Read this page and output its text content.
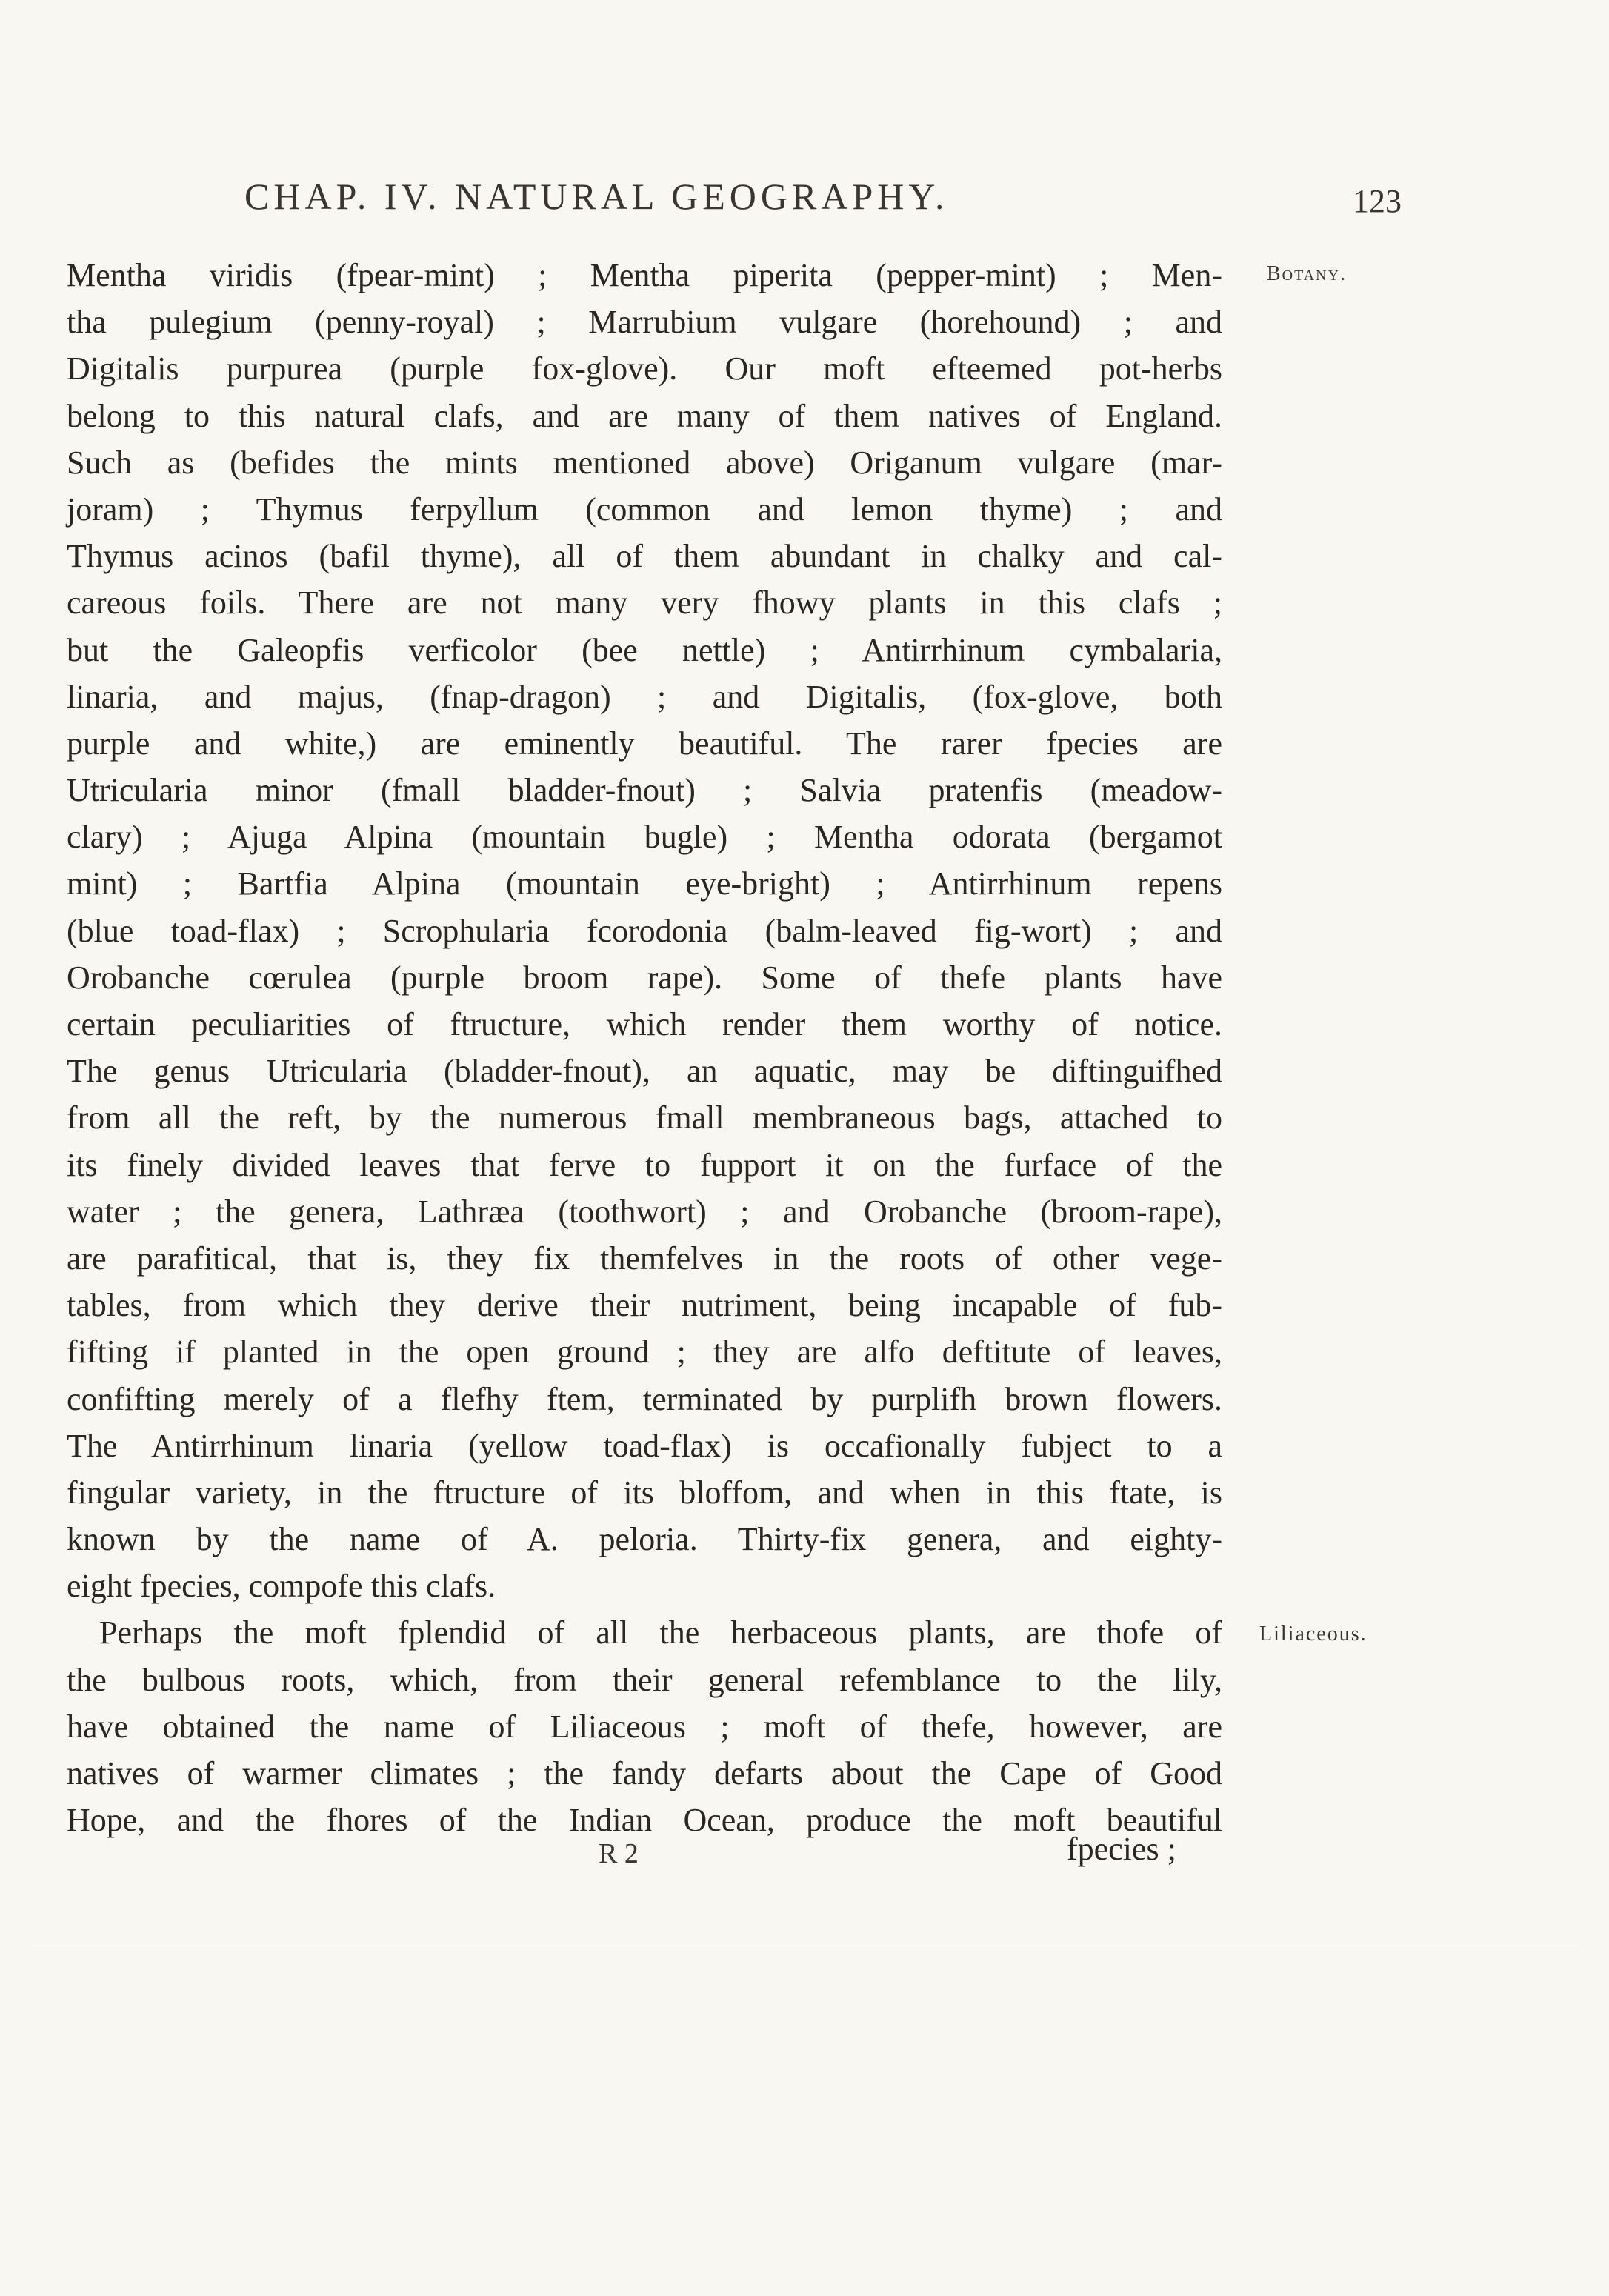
CHAP. IV. NATURAL GEOGRAPHY.	123
Botany.
Liliaceous.
Mentha viridis (fpear-mint) ; Mentha piperita (pepper-mint) ; Men-
tha pulegium (penny-royal) ; Marrubium vulgare (horehound) ; and
Digitalis purpurea (purple fox-glove). Our moft efteemed pot-herbs
belong to this natural clafs, and are many of them natives of England.
Such as (befides the mints mentioned above) Origanum vulgare (mar-
joram) ; Thymus ferpyllum (common and lemon thyme) ; and
Thymus acinos (bafil thyme), all of them abundant in chalky and cal-
careous foils. There are not many very fhowy plants in this clafs ;
but the Galeopfis verficolor (bee nettle) ; Antirrhinum cymbalaria,
linaria, and majus, (fnap-dragon) ; and Digitalis, (fox-glove, both
purple and white,) are eminently beautiful. The rarer fpecies are
Utricularia minor (fmall bladder-fnout) ; Salvia pratenfis (meadow-
clary) ; Ajuga Alpina (mountain bugle) ; Mentha odorata (bergamot
mint) ; Bartfia Alpina (mountain eye-bright) ; Antirrhinum repens
(blue toad-flax) ; Scrophularia fcorodonia (balm-leaved fig-wort) ; and
Orobanche cœrulea (purple broom rape). Some of thefe plants have
certain peculiarities of ftructure, which render them worthy of notice.
The genus Utricularia (bladder-fnout), an aquatic, may be diftinguifhed
from all the reft, by the numerous fmall membraneous bags, attached to
its finely divided leaves that ferve to fupport it on the furface of the
water ; the genera, Lathræa (toothwort) ; and Orobanche (broom-rape),
are parafitical, that is, they fix themfelves in the roots of other vege-
tables, from which they derive their nutriment, being incapable of fub-
fifting if planted in the open ground ; they are alfo deftitute of leaves,
confifting merely of a flefhy ftem, terminated by purplifh brown flowers.
The Antirrhinum linaria (yellow toad-flax) is occafionally fubject to a
fingular variety, in the ftructure of its bloffom, and when in this ftate, is
known by the name of A. peloria. Thirty-fix genera, and eighty-
eight fpecies, compofe this clafs.
Perhaps the moft fplendid of all the herbaceous plants, are thofe of
the bulbous roots, which, from their general refemblance to the lily,
have obtained the name of Liliaceous ; moft of thefe, however, are
natives of warmer climates ; the fandy defarts about the Cape of Good
Hope, and the fhores of the Indian Ocean, produce the moft beautiful
R 2	fpecies ;
